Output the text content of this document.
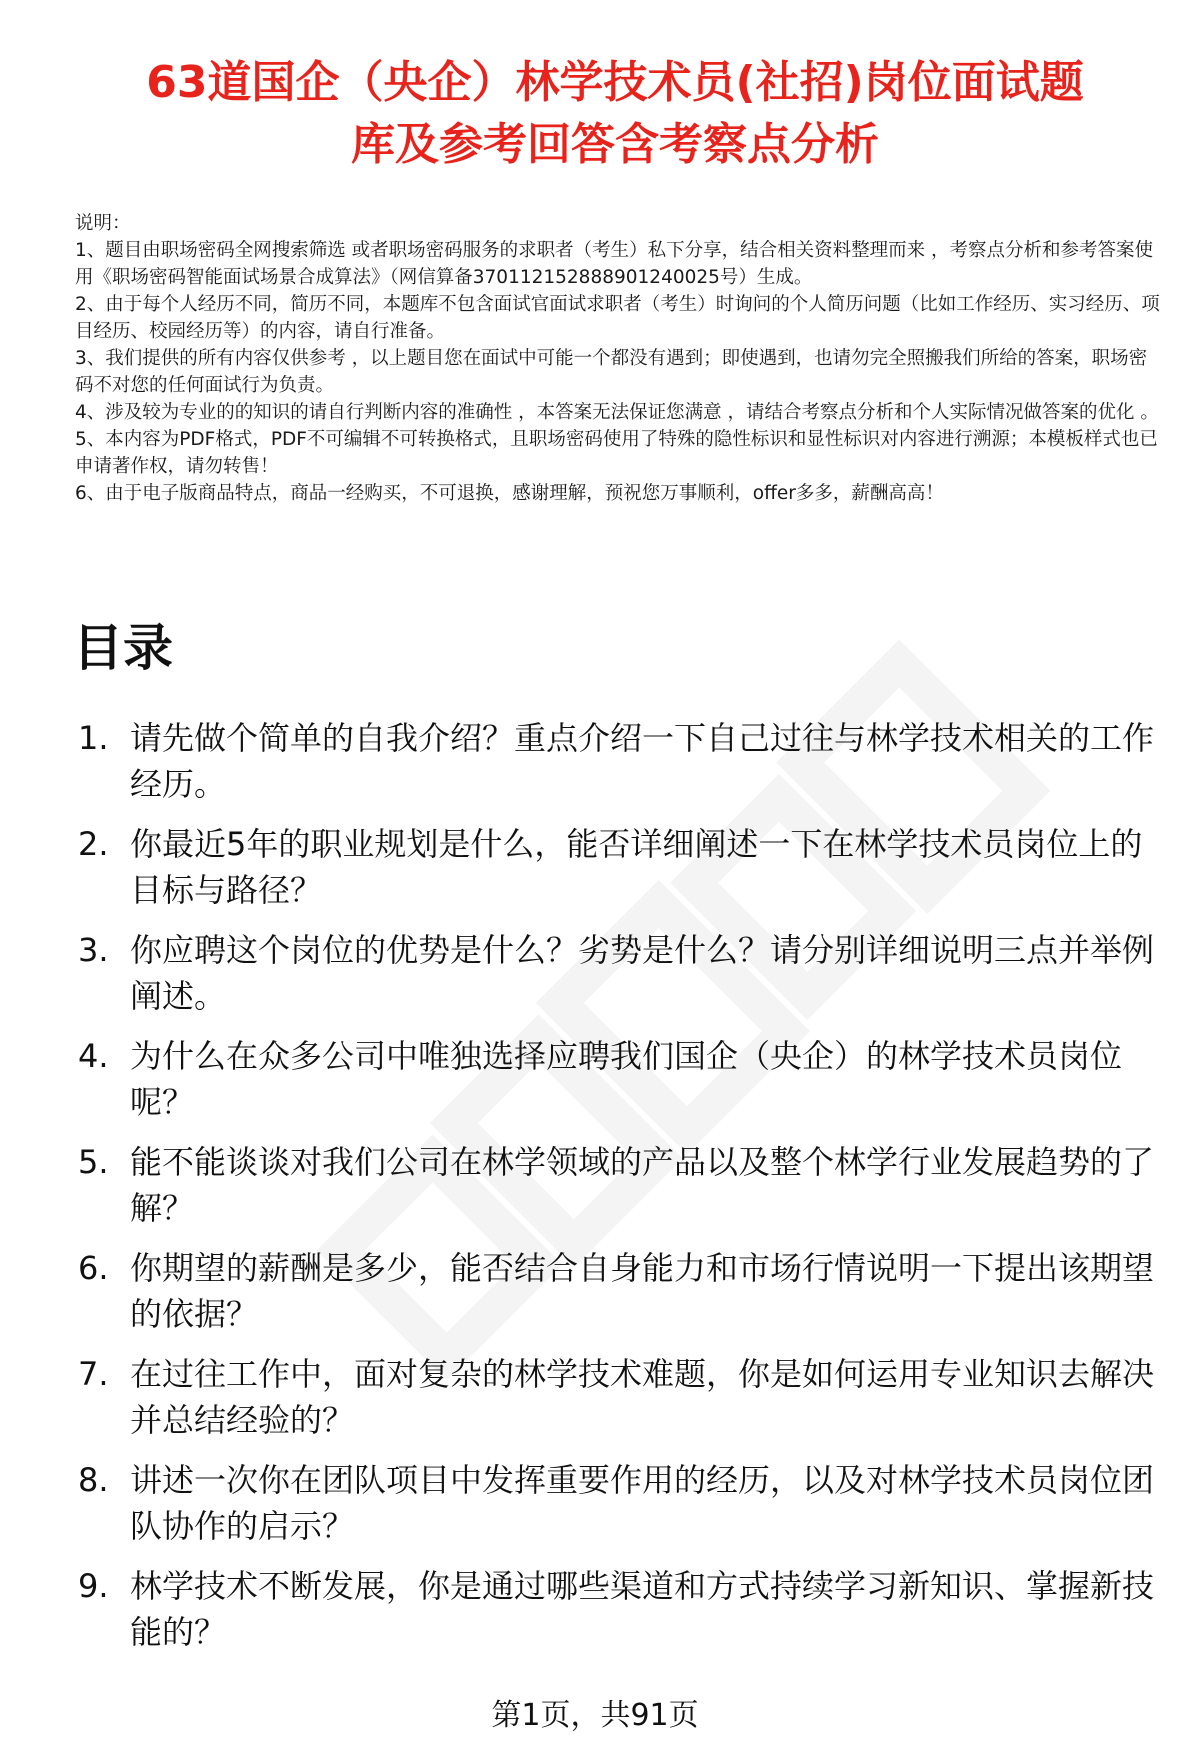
63道国企（央企）林学技术员(社招)岗位面试题
库及参考回答含考察点分析

说明：

1、题目由职场密码全网搜索筛选 或者职场密码服务的求职者（考生）私下分享，结合相关资料整理而来 ，考察点分析和参考答案使用《职场密码智能面试场景合成算法》（网信算备370112152888901240025号）生成。

2、由于每个人经历不同，简历不同，本题库不包含面试官面试求职者（考生）时询问的个人简历问题（比如工作经历、实习经历、项目经历、校园经历等）的内容，请自行准备。

3、我们提供的所有内容仅供参考 ，以上题目您在面试中可能一个都没有遇到；即使遇到，也请勿完全照搬我们所给的答案，职场密码不对您的任何面试行为负责。

4、涉及较为专业的的知识的请自行判断内容的准确性 ，本答案无法保证您满意 ，请结合考察点分析和个人实际情况做答案的优化 。

5、本内容为PDF格式，PDF不可编辑不可转换格式，且职场密码使用了特殊的隐性标识和显性标识对内容进行溯源；本模板样式也已申请著作权，请勿转售！

6、由于电子版商品特点，商品一经购买，不可退换，感谢理解，预祝您万事顺利，offer多多，薪酬高高！

目录
1. 请先做个简单的自我介绍？重点介绍一下自己过往与林学技术相关的工作经历。
2. 你最近5年的职业规划是什么，能否详细阐述一下在林学技术员岗位上的目标与路径？
3. 你应聘这个岗位的优势是什么？劣势是什么？请分别详细说明三点并举例阐述。
4. 为什么在众多公司中唯独选择应聘我们国企（央企）的林学技术员岗位呢？
5. 能不能谈谈对我们公司在林学领域的产品以及整个林学行业发展趋势的了解？
6. 你期望的薪酬是多少，能否结合自身能力和市场行情说明一下提出该期望的依据？
7. 在过往工作中，面对复杂的林学技术难题，你是如何运用专业知识去解决并总结经验的？
8. 讲述一次你在团队项目中发挥重要作用的经历，以及对林学技术员岗位团队协作的启示？
9. 林学技术不断发展，你是通过哪些渠道和方式持续学习新知识、掌握新技能的？
第1页，共91页
